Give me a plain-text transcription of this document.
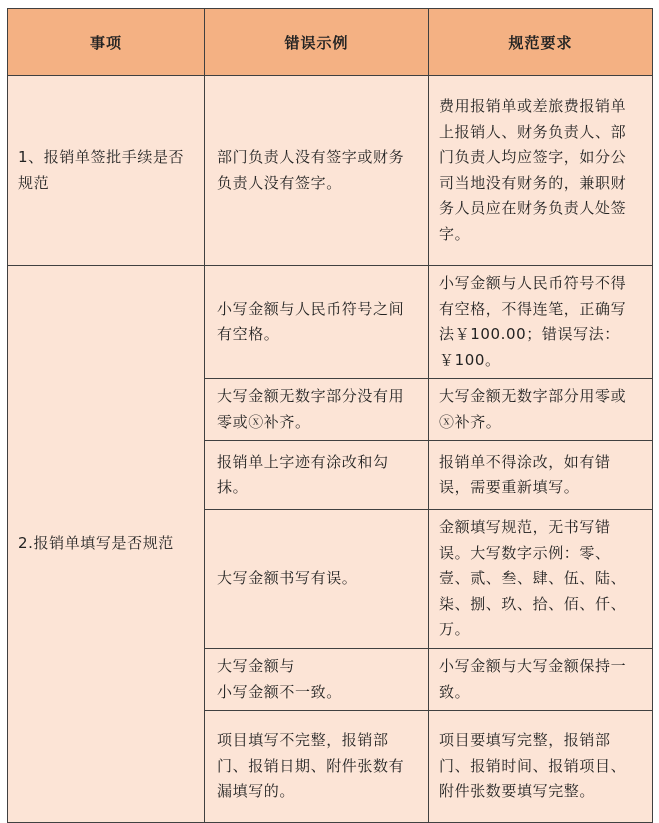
事项	错误示例	规范要求
1、报销单签批手续是否规范	部门负责人没有签字或财务负责人没有签字。	费用报销单或差旅费报销单上报销人、财务负责人、部门负责人均应签字，如分公司当地没有财务的，兼职财务人员应在财务负责人处签字。
2.报销单填写是否规范	小写金额与人民币符号之间有空格。	小写金额与人民币符号不得有空格，不得连笔，正确写法￥100.00；错误写法：￥100。
	大写金额无数字部分没有用零或ⓧ补齐。	大写金额无数字部分用零或ⓧ补齐。
	报销单上字迹有涂改和勾抹。	报销单不得涂改，如有错误，需要重新填写。
	大写金额书写有误。	金额填写规范，无书写错误。大写数字示例：零、壹、贰、叁、肆、伍、陆、柒、捌、玖、拾、佰、仟、万。
	大写金额与
小写金额不一致。	小写金额与大写金额保持一致。
	项目填写不完整，报销部门、报销日期、附件张数有漏填写的。	项目要填写完整，报销部门、报销时间、报销项目、附件张数要填写完整。
